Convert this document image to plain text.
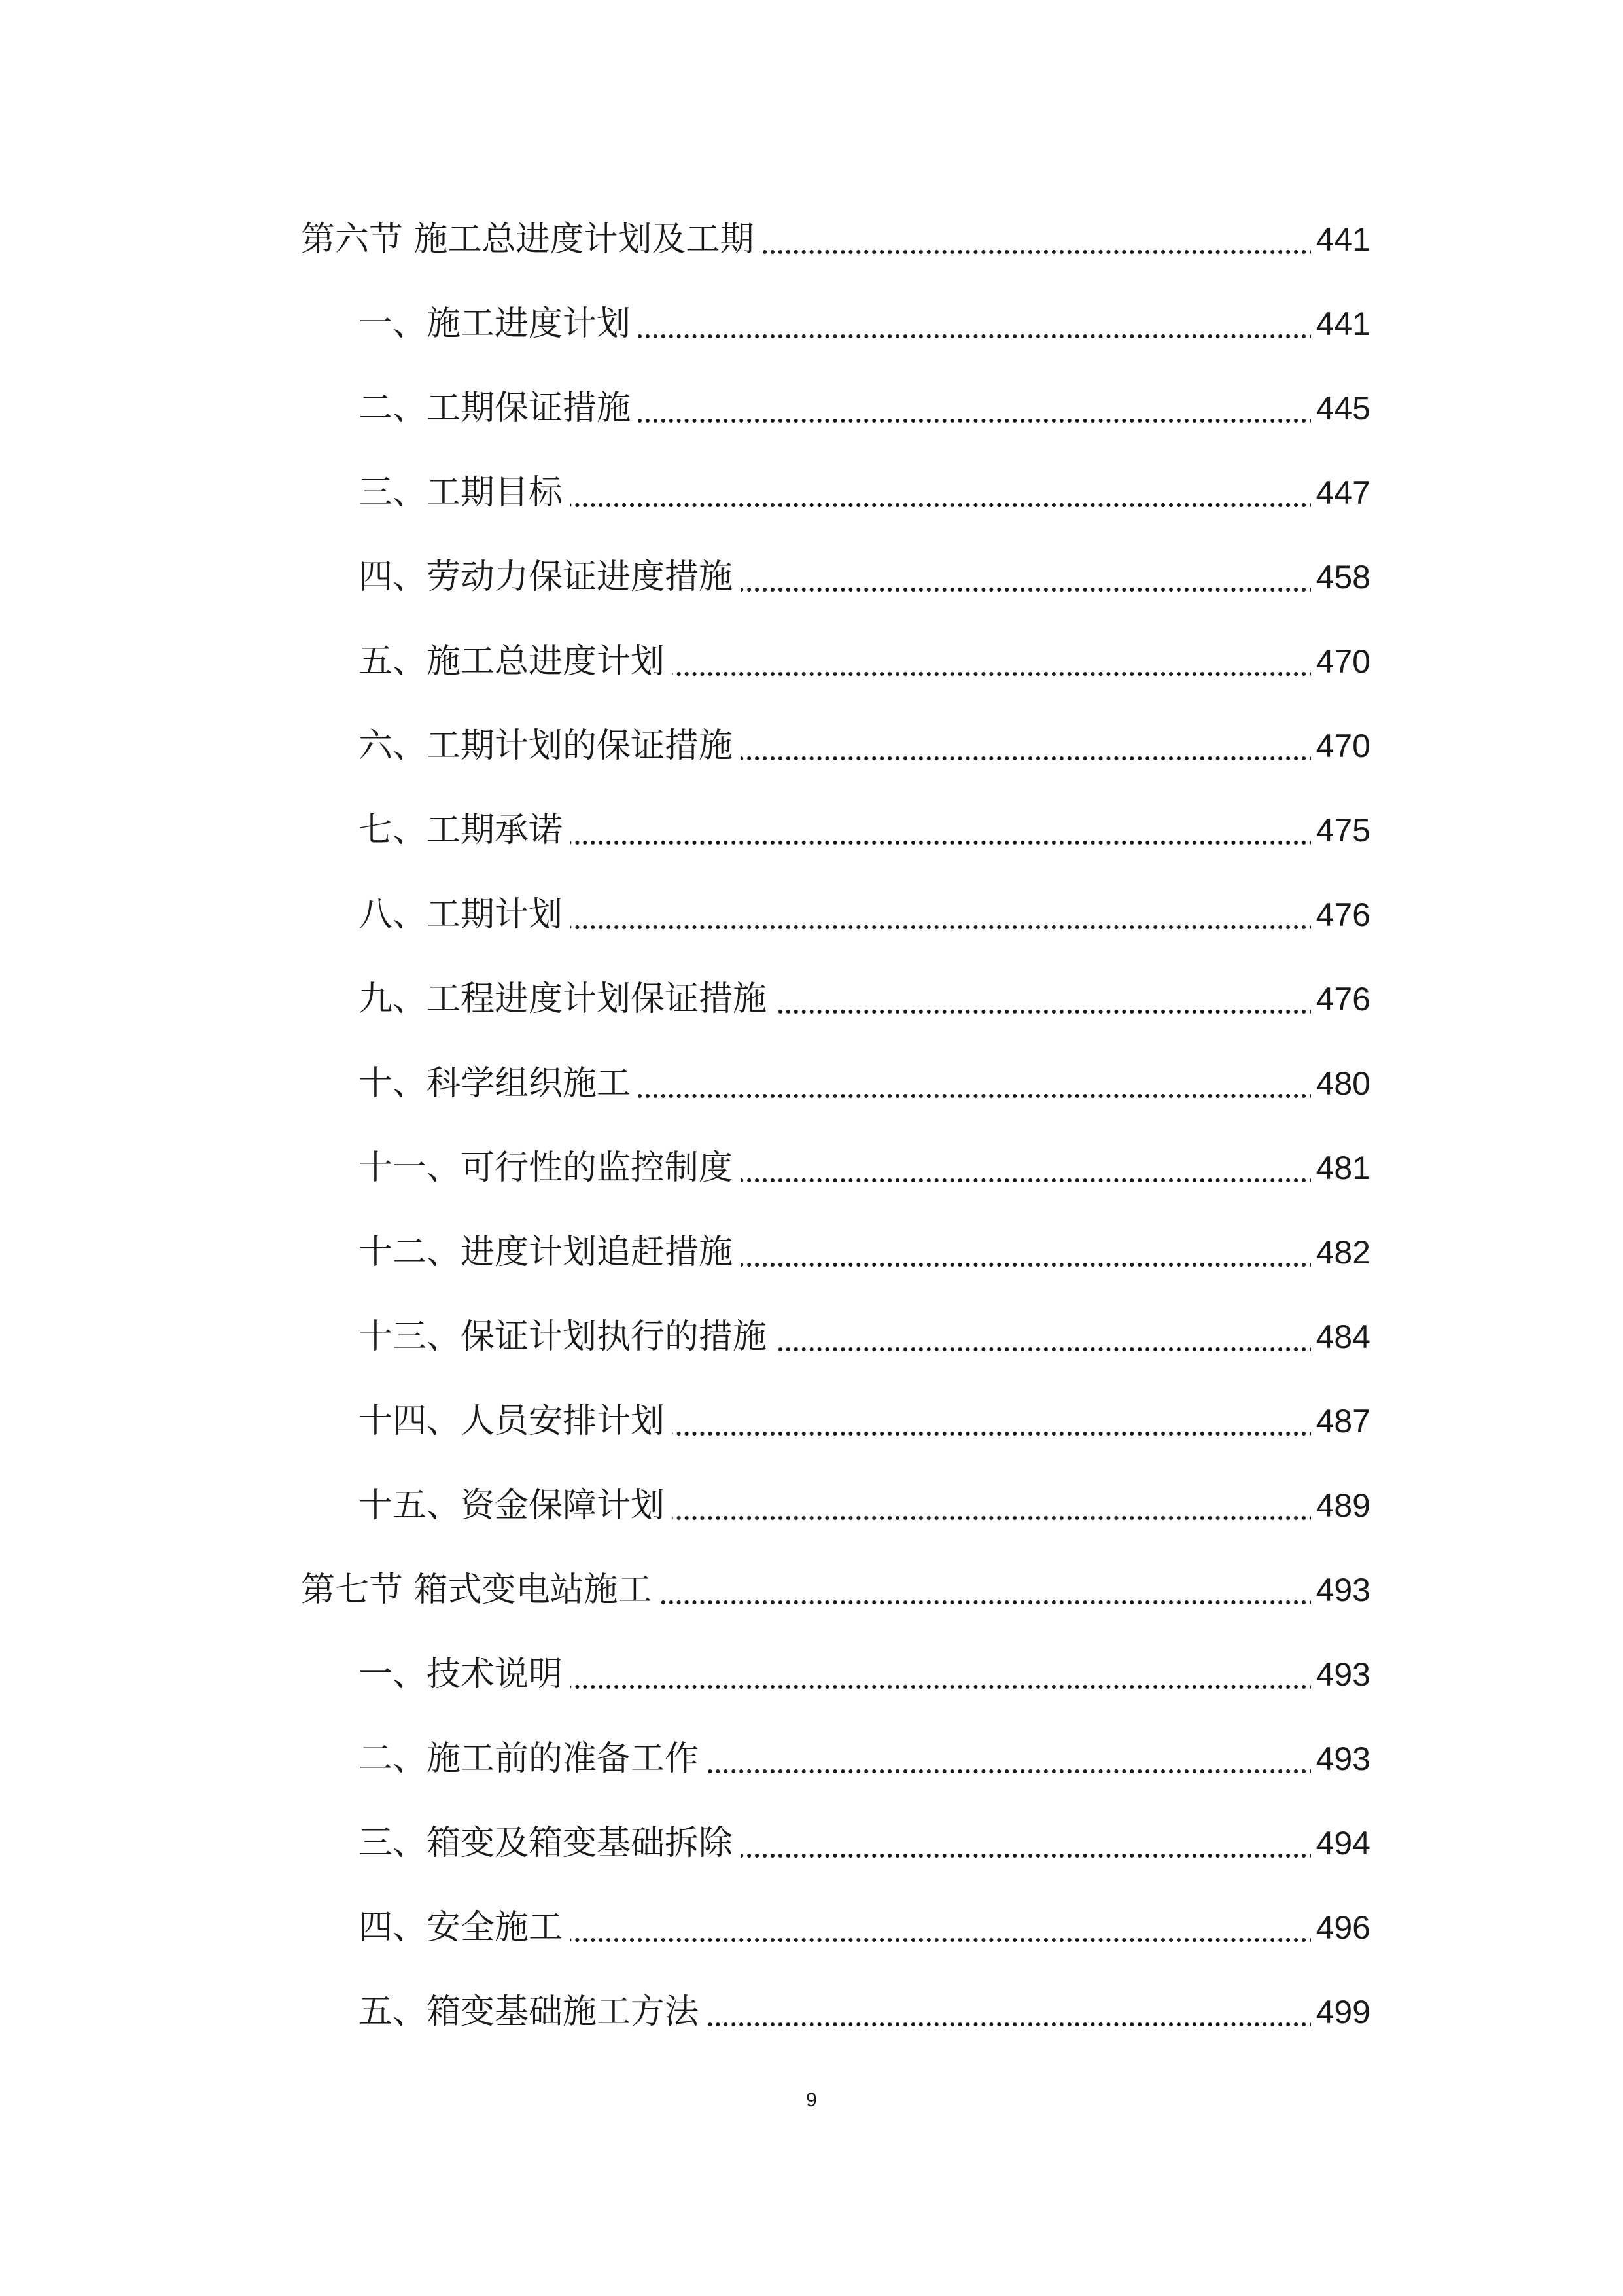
第六节 施工总进度计划及工期	441
一、施工进度计划	441
二、工期保证措施	445
三、工期目标	447
四、劳动力保证进度措施	458
五、施工总进度计划	470
六、工期计划的保证措施	470
七、工期承诺	475
八、工期计划	476
九、工程进度计划保证措施	476
十、科学组织施工	480
十一、可行性的监控制度	481
十二、进度计划追赶措施	482
十三、保证计划执行的措施	484
十四、人员安排计划	487
十五、资金保障计划	489
第七节 箱式变电站施工	493
一、技术说明	493
二、施工前的准备工作	493
三、箱变及箱变基础拆除	494
四、安全施工	496
五、箱变基础施工方法	499
9
